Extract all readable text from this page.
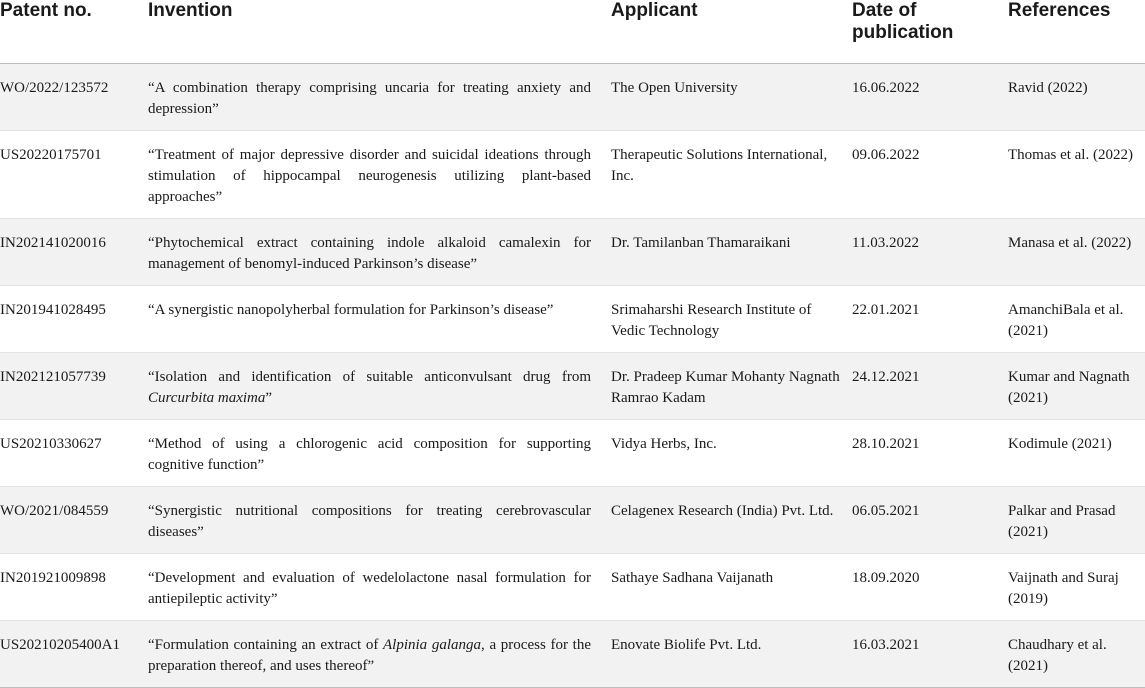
Patent no.	Invention	Applicant	Date of publication	References

WO/2022/123572	“A combination therapy comprising uncaria for treating anxiety and depression”	The Open University	16.06.2022	Ravid (2022)
US20220175701	“Treatment of major depressive disorder and suicidal ideations through stimulation of hippocampal neurogenesis utilizing plant-based approaches”	Therapeutic Solutions International, Inc.	09.06.2022	Thomas et al. (2022)
IN202141020016	“Phytochemical extract containing indole alkaloid camalexin for management of benomyl-induced Parkinson’s disease”	Dr. Tamilanban Thamaraikani	11.03.2022	Manasa et al. (2022)
IN201941028495	“A synergistic nanopolyherbal formulation for Parkinson’s disease”	Srimaharshi Research Institute of Vedic Technology	22.01.2021	AmanchiBala et al. (2021)
IN202121057739	“Isolation and identification of suitable anticonvulsant drug from Curcurbita maxima”	Dr. Pradeep Kumar Mohanty Nagnath Ramrao Kadam	24.12.2021	Kumar and Nagnath (2021)
US20210330627	“Method of using a chlorogenic acid composition for supporting cognitive function”	Vidya Herbs, Inc.	28.10.2021	Kodimule (2021)
WO/2021/084559	“Synergistic nutritional compositions for treating cerebrovascular diseases”	Celagenex Research (India) Pvt. Ltd.	06.05.2021	Palkar and Prasad (2021)
IN201921009898	“Development and evaluation of wedelolactone nasal formulation for antiepileptic activity”	Sathaye Sadhana Vaijanath	18.09.2020	Vaijnath and Suraj (2019)
US20210205400A1	“Formulation containing an extract of Alpinia galanga, a process for the preparation thereof, and uses thereof”	Enovate Biolife Pvt. Ltd.	16.03.2021	Chaudhary et al. (2021)
